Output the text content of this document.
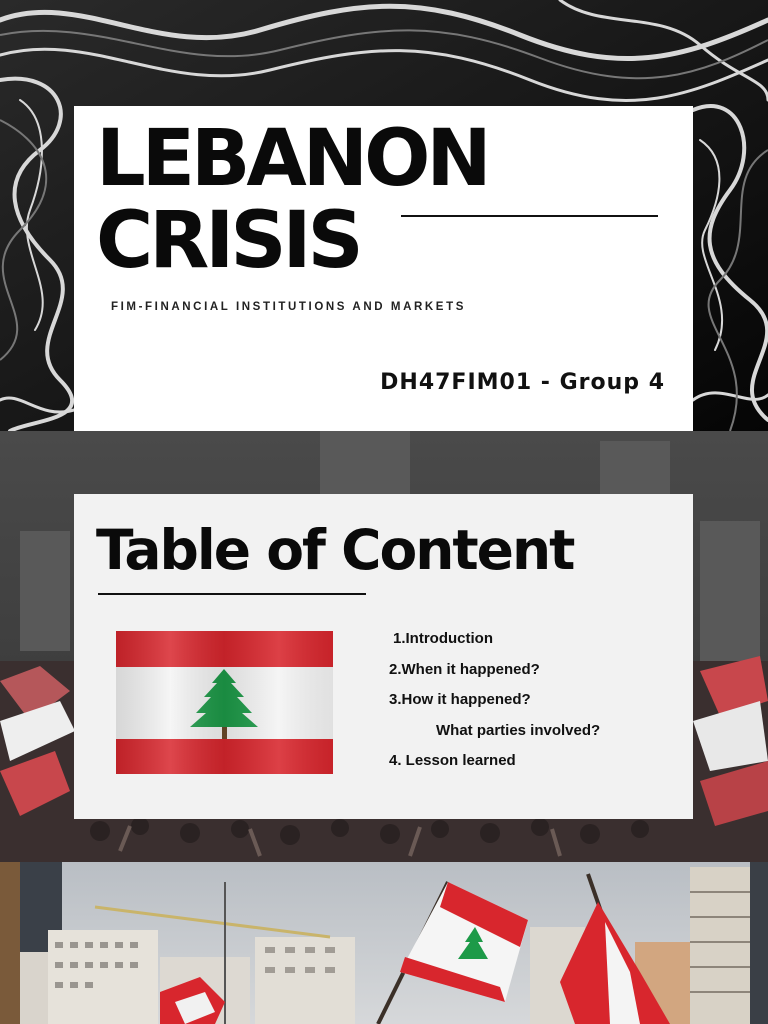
LEBANON
CRISIS
FIM-FINANCIAL INSTITUTIONS AND MARKETS
DH47FIM01 - Group 4
Table of Content
1.Introduction
2.When it happened?
3.How it happened?
What parties involved?
4. Lesson learned
